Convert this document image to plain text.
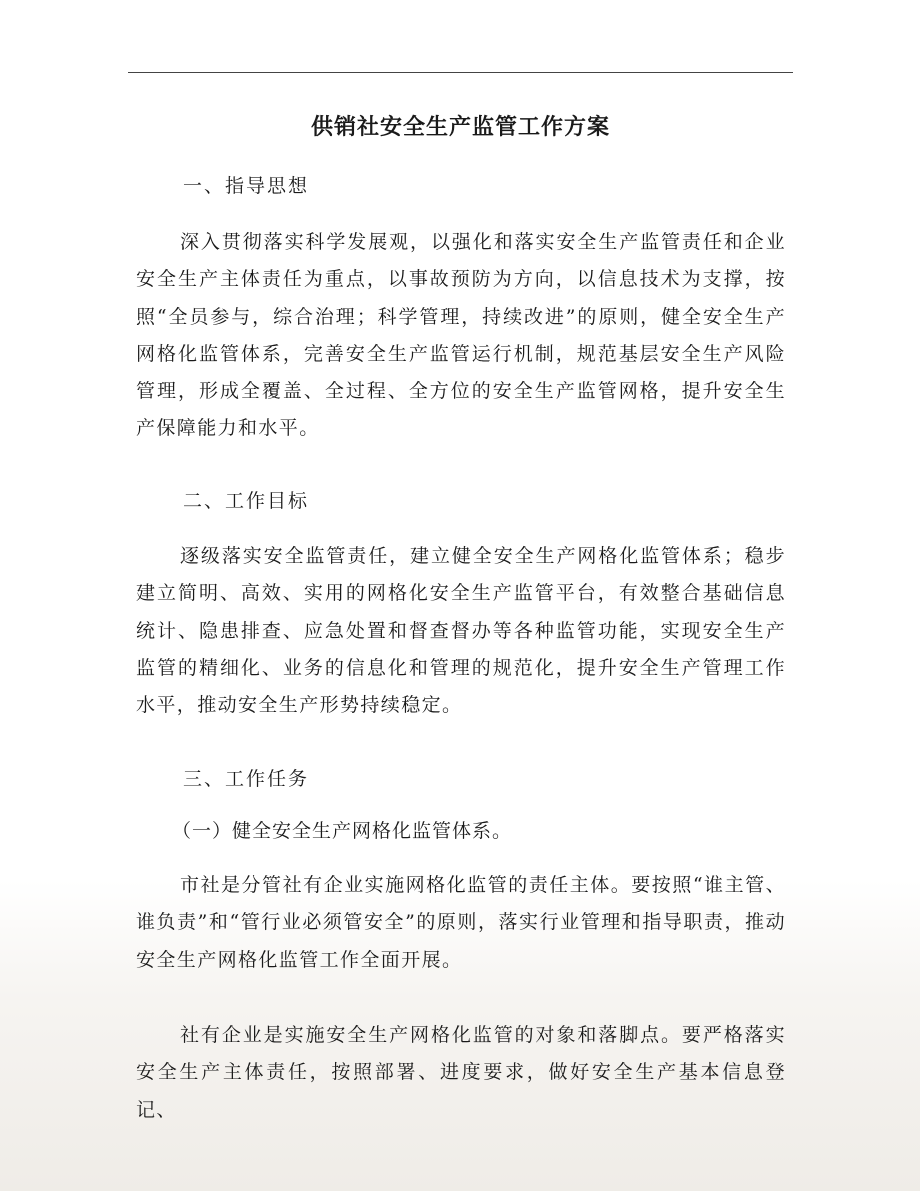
供销社安全生产监管工作方案
一、指导思想
深入贯彻落实科学发展观，以强化和落实安全生产监管责任和企业安全生产主体责任为重点，以事故预防为方向，以信息技术为支撑，按照“全员参与，综合治理；科学管理，持续改进”的原则，健全安全生产网格化监管体系，完善安全生产监管运行机制，规范基层安全生产风险管理，形成全覆盖、全过程、全方位的安全生产监管网格，提升安全生产保障能力和水平。
二、工作目标
逐级落实安全监管责任，建立健全安全生产网格化监管体系；稳步建立简明、高效、实用的网格化安全生产监管平台，有效整合基础信息统计、隐患排查、应急处置和督查督办等各种监管功能，实现安全生产监管的精细化、业务的信息化和管理的规范化，提升安全生产管理工作水平，推动安全生产形势持续稳定。
三、工作任务
（一）健全安全生产网格化监管体系。
市社是分管社有企业实施网格化监管的责任主体。要按照“谁主管、谁负责”和“管行业必须管安全”的原则，落实行业管理和指导职责，推动安全生产网格化监管工作全面开展。
社有企业是实施安全生产网格化监管的对象和落脚点。要严格落实安全生产主体责任，按照部署、进度要求，做好安全生产基本信息登记、
